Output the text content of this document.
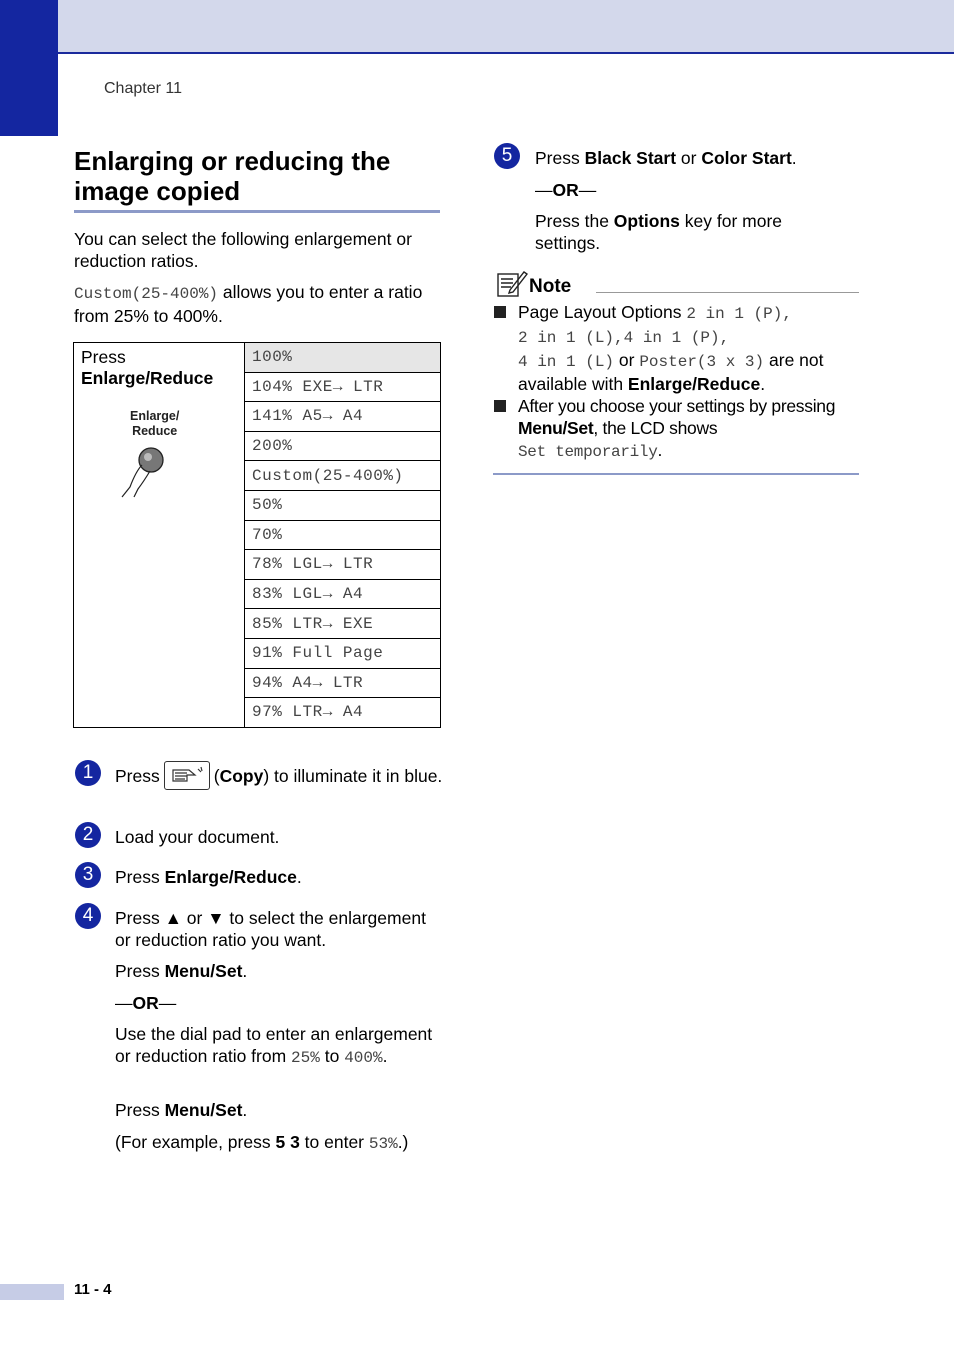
Chapter 11
Enlarging or reducing the image copied
You can select the following enlargement or reduction ratios.
Custom(25-400%) allows you to enter a ratio from 25% to 400%.
Press
Enlarge/Reduce
Enlarge/
Reduce
	100%
104% EXE→ LTR
141% A5→ A4
200%
Custom(25-400%)
50%
70%
78% LGL→ LTR
83% LGL→ A4
85% LTR→ EXE
91% Full Page
94% A4→ LTR
97% LTR→ A4
1	Press	(Copy) to illuminate it in blue.
2	Load your document.
3	Press Enlarge/Reduce.
4	Press ▲ or ▼ to select the enlargement or reduction ratio you want.
Press Menu/Set.
—OR—
Use the dial pad to enter an enlargement or reduction ratio from 25% to 400%.
Press Menu/Set.
(For example, press 5 3 to enter 53%.)
5	Press Black Start or Color Start.
—OR—
Press the Options key for more settings.
Note
Page Layout Options 2 in 1 (P),
2 in 1 (L),4 in 1 (P),
4 in 1 (L) or Poster(3 x 3) are not available with Enlarge/Reduce.
After you choose your settings by pressing Menu/Set, the LCD shows
Set temporarily.
11 - 4
